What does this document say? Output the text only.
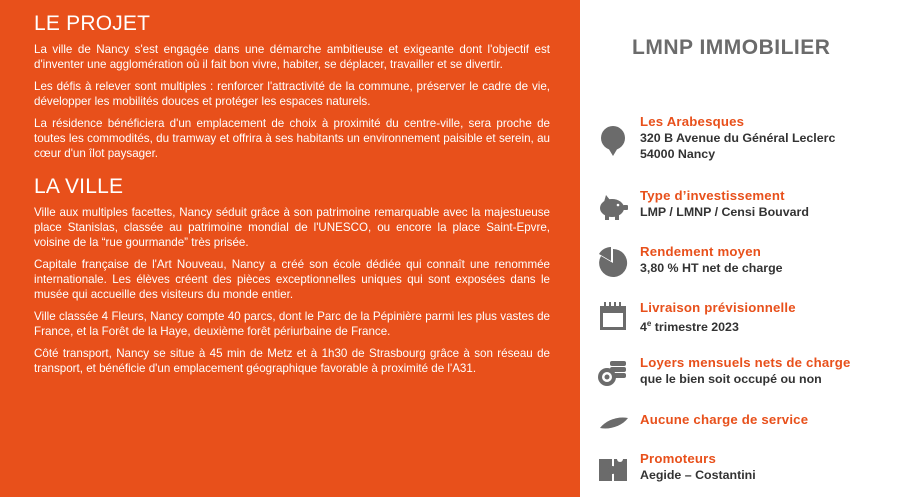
LE PROJET

La ville de Nancy s'est engagée dans une démarche ambitieuse et exigeante dont l'objectif est d'inventer une agglomération où il fait bon vivre, habiter, se déplacer, travailler et se divertir.

Les défis à relever sont multiples : renforcer l'attractivité de la commune, préserver le cadre de vie, développer les mobilités douces et protéger les espaces naturels.

La résidence bénéficiera d'un emplacement de choix à proximité du centre-ville, sera proche de toutes les commodités, du tramway et offrira à ses habitants un environnement paisible et serein, au cœur d'un îlot paysager.

LA VILLE

Ville aux multiples facettes, Nancy séduit grâce à son patrimoine remarquable avec la majestueuse place Stanislas, classée au patrimoine mondial de l'UNESCO, ou encore la place Saint-Epvre, voisine de la “rue gourmande” très prisée.

Capitale française de l'Art Nouveau, Nancy a créé son école dédiée qui connaît une renommée internationale. Les élèves créent des pièces exceptionnelles uniques qui sont exposées dans le musée qui accueille des visiteurs du monde entier.

Ville classée 4 Fleurs, Nancy compte 40 parcs, dont le Parc de la Pépinière parmi les plus vastes de France, et la Forêt de la Haye, deuxième forêt périurbaine de France.

Côté transport, Nancy se situe à 45 min de Metz et à 1h30 de Strasbourg grâce à son réseau de transport, et bénéficie d'un emplacement géographique favorable à proximité de l'A31.

LMNP IMMOBILIER
Les Arabesques
320 B Avenue du Général Leclerc
54000 Nancy
Type d’investissement
LMP / LMNP / Censi Bouvard
Rendement moyen
3,80 % HT net de charge
Livraison prévisionnelle
4e trimestre 2023
Loyers mensuels nets de charge
que le bien soit occupé ou non
Aucune charge de service
Promoteurs
Aegide – Costantini
